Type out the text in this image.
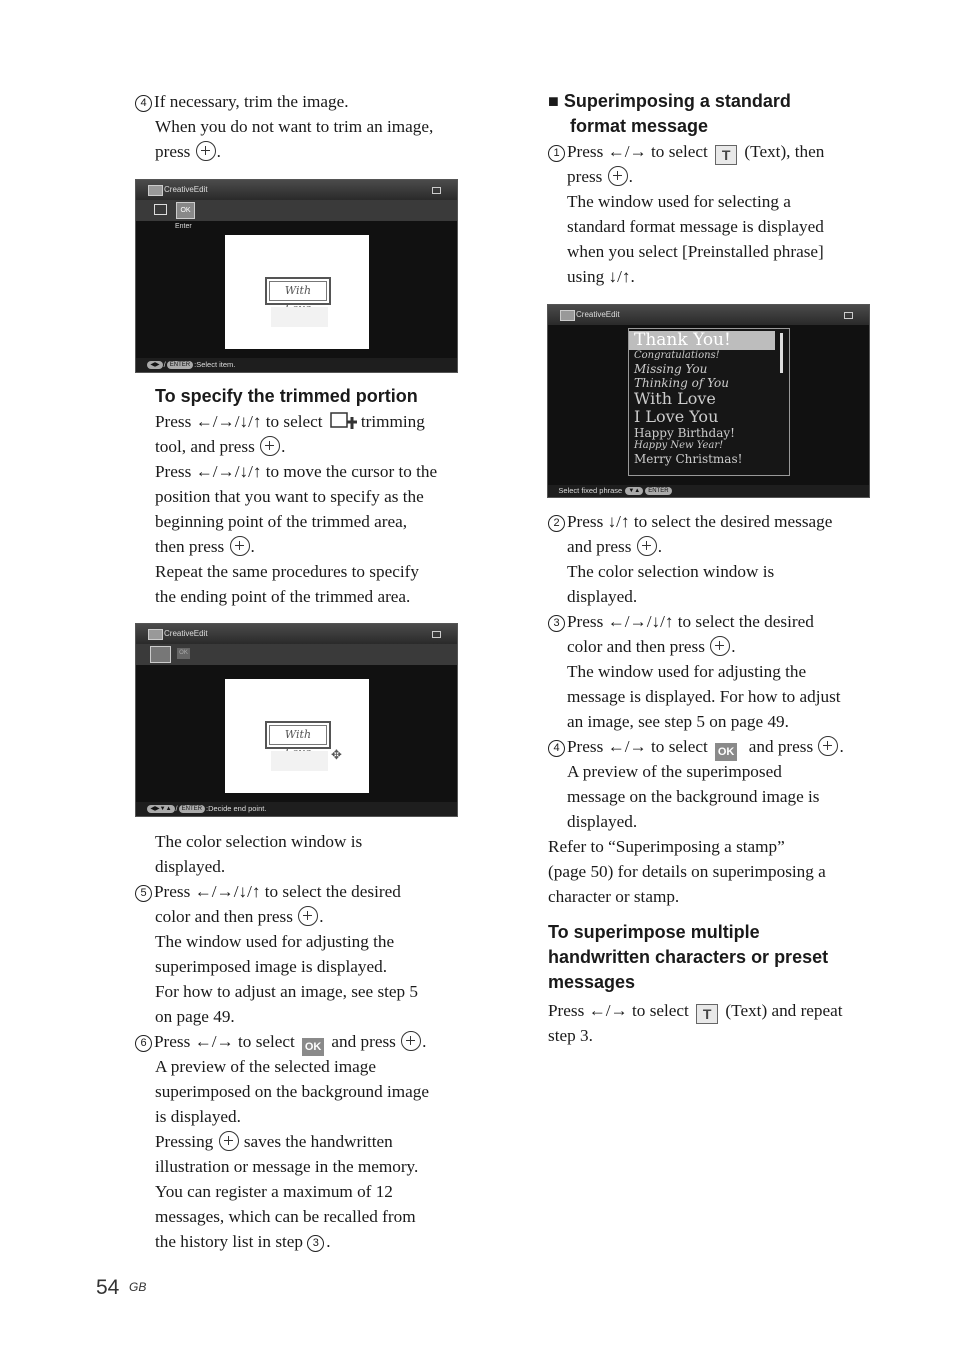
4 If necessary, trim the image.
When you do not want to trim an image,
press .
CreativeEdit
OK
Enter
With
◀▶ / ENTER :Select item.
To specify the trimmed portion
Press ←/→/↓/↑ to select trimming
tool, and press .
Press ←/→/↓/↑ to move the cursor to the
position that you want to specify as the
beginning point of the trimmed area,
then press .
Repeat the same procedures to specify
the ending point of the trimmed area.
CreativeEdit
OK
With
✥
◀▶▼▲ / ENTER :Decide end point.
The color selection window is
displayed.
5 Press ←/→/↓/↑ to select the desired
color and then press .
The window used for adjusting the
superimposed image is displayed.
For how to adjust an image, see step 5
on page 49.
6 Press ←/→ to select OK and press .
A preview of the selected image
superimposed on the background image
is displayed.
Pressing saves the handwritten
illustration or message in the memory.
You can register a maximum of 12
messages, which can be recalled from
the history list in step 3 .
■ Superimposing a standard
format message
1 Press ←/→ to select T (Text), then
press .
The window used for selecting a
standard format message is displayed
when you select [Preinstalled phrase]
using ↓/↑.
CreativeEdit
Thank You!
Congratulations!
Missing You
Thinking of You
With Love
I Love You
Happy Birthday!
Happy New Year!
Merry Christmas!
Select fixed phrase ▼▲ ENTER
2 Press ↓/↑ to select the desired message
and press .
The color selection window is
displayed.
3 Press ←/→/↓/↑ to select the desired
color and then press .
The window used for adjusting the
message is displayed. For how to adjust
an image, see step 5 on page 49.
4 Press ←/→ to select OK and press .
A preview of the superimposed
message on the background image is
displayed.
Refer to “Superimposing a stamp”
(page 50) for details on superimposing a
character or stamp.
To superimpose multiple
handwritten characters or preset
messages
Press ←/→ to select T (Text) and repeat
step 3.
54 GB
